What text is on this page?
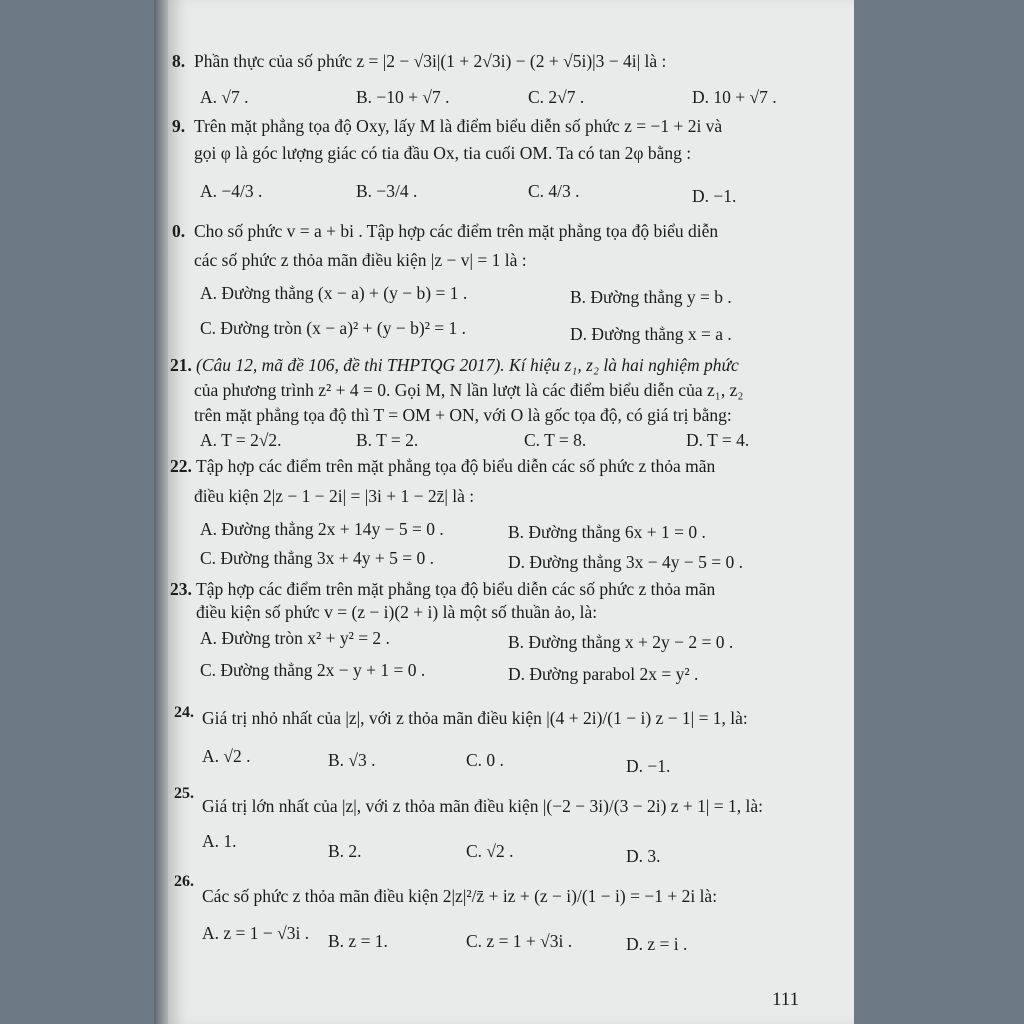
8. Phần thực của số phức z = |2 − √3i|(1 + 2√3i) − (2 + √5i)|3 − 4i| là :
A. √7 .	B. −10 + √7 .	C. 2√7 .	D. 10 + √7 .
9. Trên mặt phẳng tọa độ Oxy, lấy M là điểm biểu diễn số phức z = −1 + 2i và
gọi φ là góc lượng giác có tia đầu Ox, tia cuối OM. Ta có tan 2φ bằng :
A. −4/3 .	B. −3/4 .	C. 4/3 .	D. −1.
0. Cho số phức v = a + bi . Tập hợp các điểm trên mặt phẳng tọa độ biểu diễn
các số phức z thỏa mãn điều kiện |z − v| = 1 là :
A. Đường thẳng (x − a) + (y − b) = 1 .	B. Đường thẳng y = b .
C. Đường tròn (x − a)² + (y − b)² = 1 .	D. Đường thẳng x = a .
21. (Câu 12, mã đề 106, đề thi THPTQG 2017). Kí hiệu z₁, z₂ là hai nghiệm phức
của phương trình z² + 4 = 0. Gọi M, N lần lượt là các điểm biểu diễn của z₁, z₂
trên mặt phẳng tọa độ thì T = OM + ON, với O là gốc tọa độ, có giá trị bằng:
A. T = 2√2.	B. T = 2.	C. T = 8.	D. T = 4.
22. Tập hợp các điểm trên mặt phẳng tọa độ biểu diễn các số phức z thỏa mãn
điều kiện 2|z − 1 − 2i| = |3i + 1 − 2z̄| là :
A. Đường thẳng 2x + 14y − 5 = 0 .	B. Đường thẳng 6x + 1 = 0 .
C. Đường thẳng 3x + 4y + 5 = 0 .	D. Đường thẳng 3x − 4y − 5 = 0 .
23. Tập hợp các điểm trên mặt phẳng tọa độ biểu diễn các số phức z thỏa mãn
điều kiện số phức v = (z − i)(2 + i) là một số thuần ảo, là:
A. Đường tròn x² + y² = 2 .	B. Đường thẳng x + 2y − 2 = 0 .
C. Đường thẳng 2x − y + 1 = 0 .	D. Đường parabol 2x = y² .
24. Giá trị nhỏ nhất của |z|, với z thỏa mãn điều kiện |(4 + 2i)/(1 − i) z − 1| = 1, là:
A. √2 .	B. √3 .	C. 0 .	D. −1.
25.
Giá trị lớn nhất của |z|, với z thỏa mãn điều kiện |(−2 − 3i)/(3 − 2i) z + 1| = 1, là:
A. 1.	B. 2.	C. √2 .	D. 3.
26.
Các số phức z thỏa mãn điều kiện 2|z|²/z̄ + iz + (z − i)/(1 − i) = −1 + 2i là:
A. z = 1 − √3i . B. z = 1.	C. z = 1 + √3i .	D. z = i .
111
